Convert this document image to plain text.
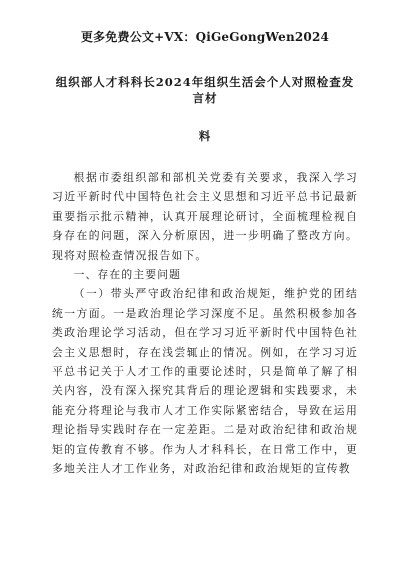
更多免费公文+VX：QiGeGongWen2024
组织部人才科科长2024年组织生活会个人对照检查发言材
料

根据市委组织部和部机关党委有关要求，我深入学习习近平新时代中国特色社会主义思想和习近平总书记最新重要指示批示精神，认真开展理论研讨，全面梳理检视自身存在的问题，深入分析原因，进一步明确了整改方向。现将对照检查情况报告如下。

一、存在的主要问题

（一）带头严守政治纪律和政治规矩，维护党的团结统一方面。一是政治理论学习深度不足。虽然积极参加各类政治理论学习活动，但在学习习近平新时代中国特色社会主义思想时，存在浅尝辄止的情况。例如，在学习习近平总书记关于人才工作的重要论述时，只是简单了解了相关内容，没有深入探究其背后的理论逻辑和实践要求，未能充分将理论与我市人才工作实际紧密结合，导致在运用理论指导实践时存在一定差距。二是对政治纪律和政治规矩的宣传教育不够。作为人才科科长，在日常工作中，更多地关注人才工作业务，对政治纪律和政治规矩的宣传教
